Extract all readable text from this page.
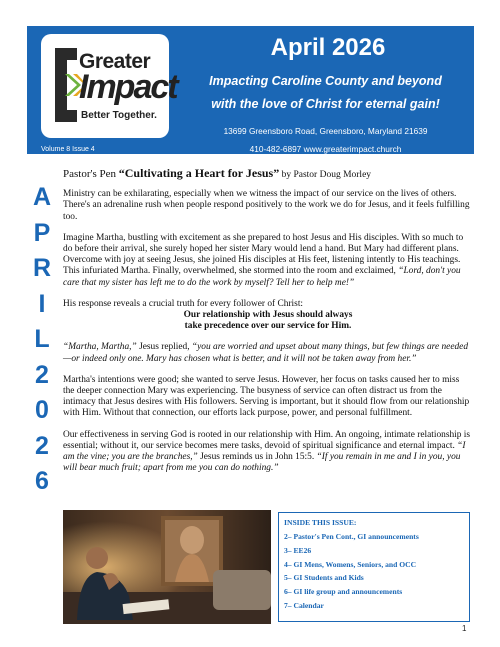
Greater
Impact
Better Together.
Volume 8 Issue 4
April 2026
Impacting Caroline County and beyond
with the love of Christ for eternal gain!
13699 Greensboro Road, Greensboro, Maryland 21639
410-482-6897 www.greaterimpact.church
A
P
R
I
L
2
0
2
6

Pastor's Pen “Cultivating a Heart for Jesus” by Pastor Doug Morley

Ministry can be exhilarating, especially when we witness the impact of our service on the lives of others. There's an adrenaline rush when people respond positively to the work we do for Jesus, and it feels fulfilling too.

Imagine Martha, bustling with excitement as she prepared to host Jesus and His disciples. With so much to do before their arrival, she surely hoped her sister Mary would lend a hand. But Mary had different plans. Overcome with joy at seeing Jesus, she joined His disciples at His feet, listening intently to His teachings. This infuriated Martha. Finally, overwhelmed, she stormed into the room and exclaimed, “Lord, don't you care that my sister has left me to do the work by myself? Tell her to help me!”

His response reveals a crucial truth for every follower of Christ:

Our relationship with Jesus should always

take precedence over our service for Him.

“Martha, Martha,” Jesus replied, “you are worried and upset about many things, but few things are needed—or indeed only one. Mary has chosen what is better, and it will not be taken away from her.”

Martha's intentions were good; she wanted to serve Jesus. However, her focus on tasks caused her to miss the deeper connection Mary was experiencing. The busyness of service can often distract us from the intimacy that Jesus desires with His followers. Serving is important, but it should flow from our relationship with Him. Without that connection, our efforts lack purpose, power, and personal fulfillment.

Our effectiveness in serving God is rooted in our relationship with Him. An ongoing, intimate relationship is essential; without it, our service becomes mere tasks, devoid of spiritual significance and eternal impact. “I am the vine; you are the branches,” Jesus reminds us in John 15:5. “If you remain in me and I in you, you will bear much fruit; apart from me you can do nothing.”

INSIDE THIS ISSUE:
2– Pastor's Pen Cont., GI announcements
3– EE26
4– GI Mens, Womens, Seniors, and OCC
5– GI Students and Kids
6– GI life group and announcements
7– Calendar
1
